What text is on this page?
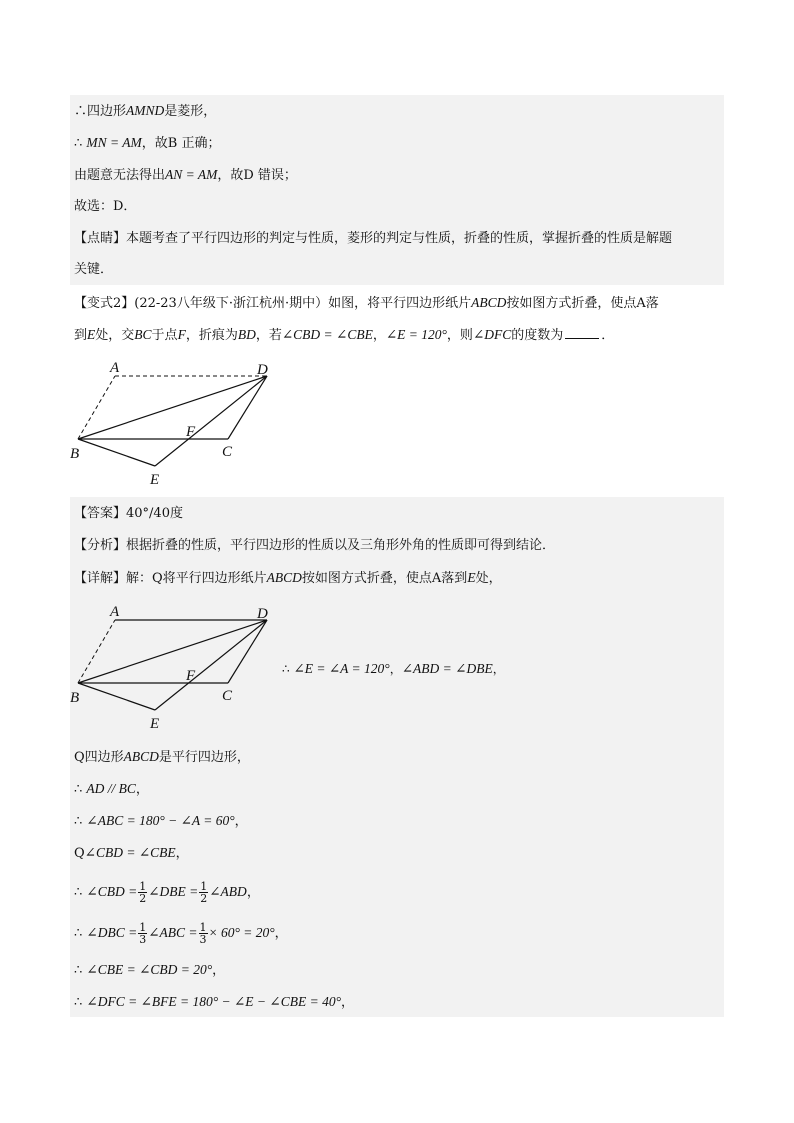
∴四边形AMND是菱形，
∴ MN = AM，故B 正确；
由题意无法得出AN = AM，故D 错误；
故选：D．
【点睛】本题考查了平行四边形的判定与性质，菱形的判定与性质，折叠的性质，掌握折叠的性质是解题
关键．
【变式2】(22-23八年级下·浙江杭州·期中）如图，将平行四边形纸片ABCD按如图方式折叠，使点A落
到E处，交BC于点F，折痕为BD，若∠CBD = ∠CBE，∠E = 120°，则∠DFC的度数为	．
A	D
F
B	C
E
【答案】40°/40度
【分析】根据折叠的性质，平行四边形的性质以及三角形外角的性质即可得到结论．
【详解】解：Q将平行四边形纸片ABCD按如图方式折叠，使点A落到E处，
A	D
F
B	C
E
∴ ∠E = ∠A = 120°，∠ABD = ∠DBE，
Q四边形ABCD是平行四边形，
∴ AD // BC，
∴ ∠ABC = 180° − ∠A = 60°，
Q∠CBD = ∠CBE，
∴ ∠CBD = $\frac{1}{2}$ ∠DBE = $\frac{1}{2}$ ∠ABD，
∴ ∠DBC = $\frac{1}{3}$ ∠ABC = $\frac{1}{3} \times 60^\circ = 20^\circ$，
∴ ∠CBE = ∠CBD = 20°，
∴ ∠DFC = ∠BFE = 180° − ∠E − ∠CBE = 40°，
